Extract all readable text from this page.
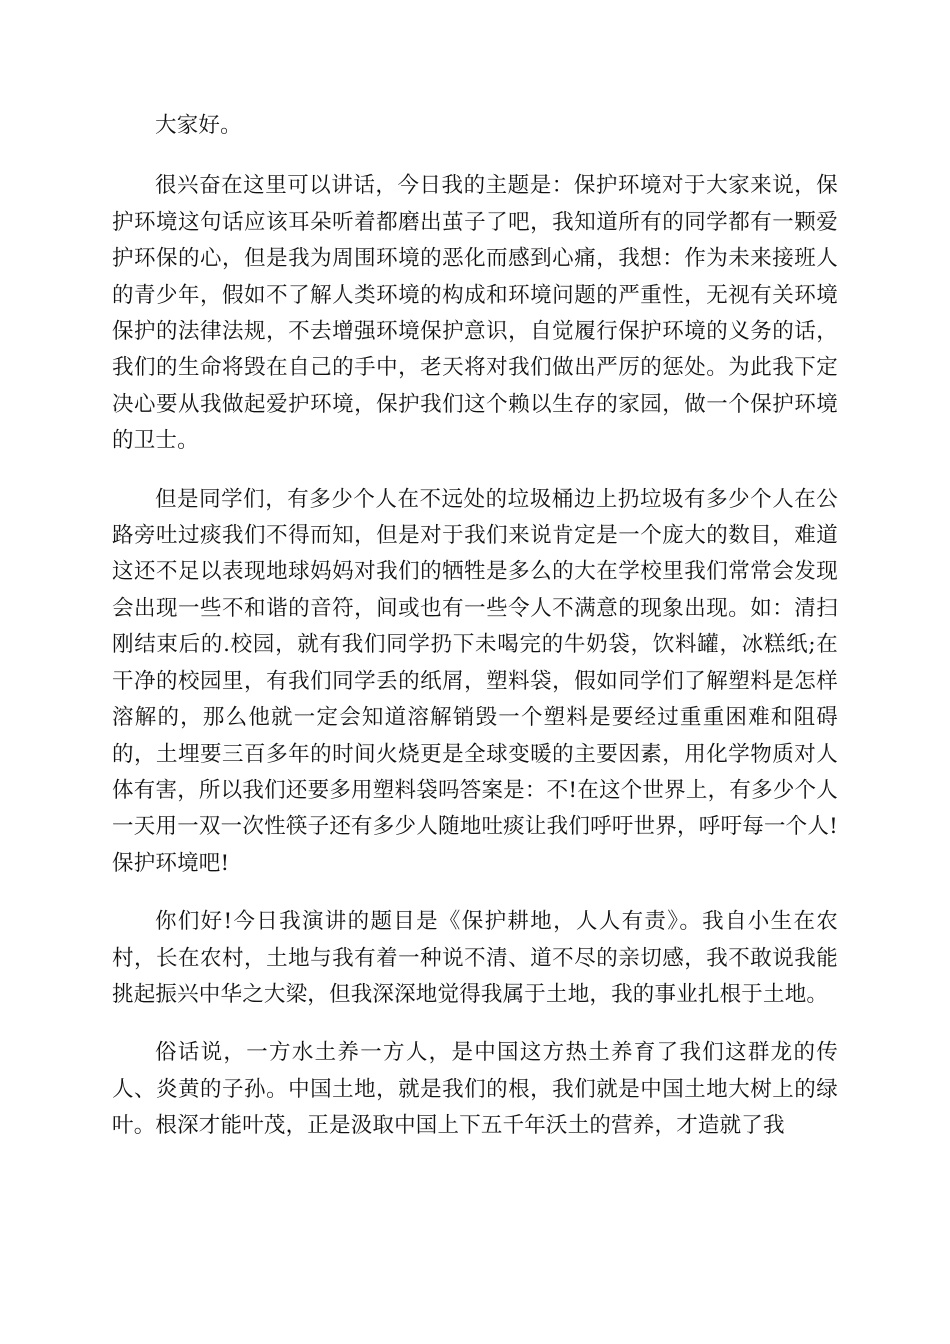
大家好。

很兴奋在这里可以讲话，今日我的主题是：保护环境对于大家来说，保护环境这句话应该耳朵听着都磨出茧子了吧，我知道所有的同学都有一颗爱护环保的心，但是我为周围环境的恶化而感到心痛，我想：作为未来接班人的青少年，假如不了解人类环境的构成和环境问题的严重性，无视有关环境保护的法律法规，不去增强环境保护意识，自觉履行保护环境的义务的话，我们的生命将毁在自己的手中，老天将对我们做出严厉的惩处。为此我下定决心要从我做起爱护环境，保护我们这个赖以生存的家园，做一个保护环境的卫士。

但是同学们，有多少个人在不远处的垃圾桶边上扔垃圾有多少个人在公路旁吐过痰我们不得而知，但是对于我们来说肯定是一个庞大的数目，难道这还不足以表现地球妈妈对我们的牺牲是多么的大在学校里我们常常会发现会出现一些不和谐的音符，间或也有一些令人不满意的现象出现。如：清扫刚结束后的.校园，就有我们同学扔下未喝完的牛奶袋，饮料罐，冰糕纸;在干净的校园里，有我们同学丢的纸屑，塑料袋，假如同学们了解塑料是怎样溶解的，那么他就一定会知道溶解销毁一个塑料是要经过重重困难和阻碍的，土埋要三百多年的时间火烧更是全球变暖的主要因素，用化学物质对人体有害，所以我们还要多用塑料袋吗答案是：不!在这个世界上，有多少个人一天用一双一次性筷子还有多少人随地吐痰让我们呼吁世界，呼吁每一个人!保护环境吧!

你们好!今日我演讲的题目是《保护耕地，人人有责》。我自小生在农村，长在农村，土地与我有着一种说不清、道不尽的亲切感，我不敢说我能挑起振兴中华之大梁，但我深深地觉得我属于土地，我的事业扎根于土地。

俗话说，一方水土养一方人，是中国这方热土养育了我们这群龙的传人、炎黄的子孙。中国土地，就是我们的根，我们就是中国土地大树上的绿叶。根深才能叶茂，正是汲取中国上下五千年沃土的营养，才造就了我
